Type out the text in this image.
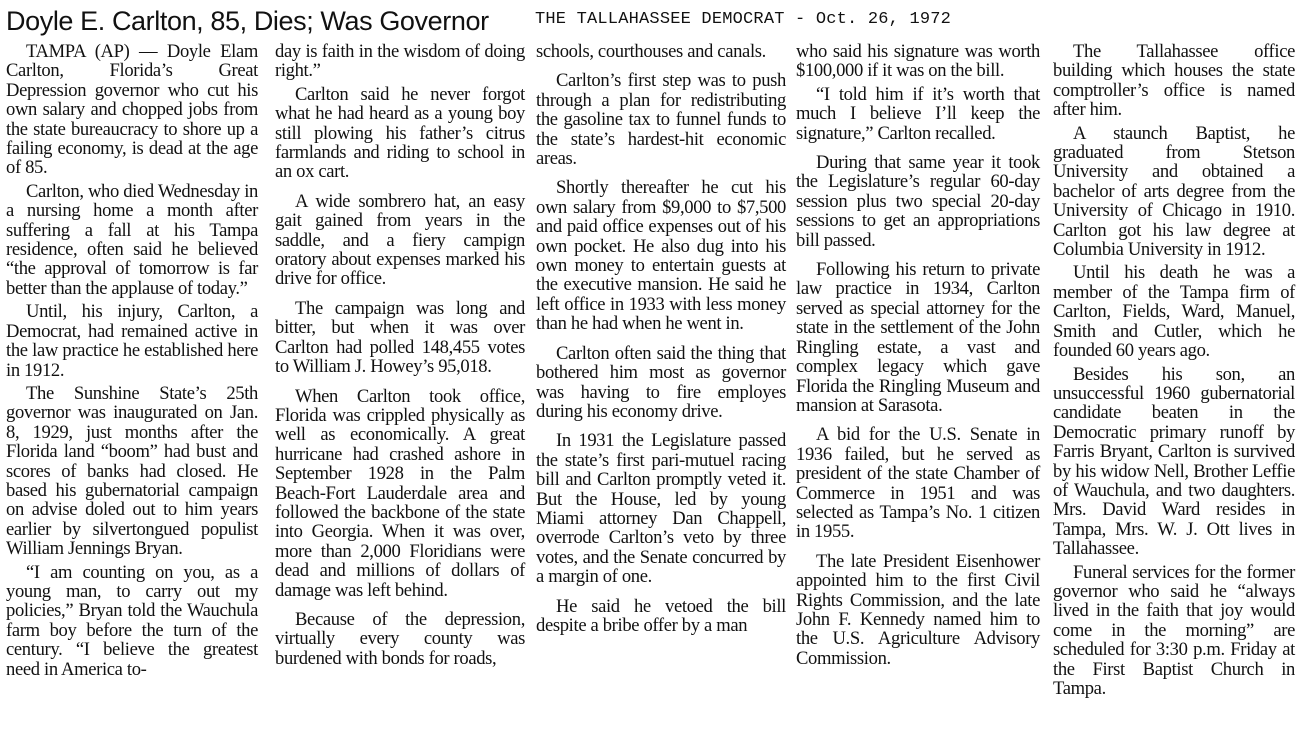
Doyle E. Carlton, 85, Dies; Was Governor	THE TALLAHASSEE DEMOCRAT - Oct. 26, 1972

TAMPA (AP) — Doyle Elam Carlton, Florida’s Great Depression governor who cut his own salary and chopped jobs from the state bureaucracy to shore up a failing economy, is dead at the age of 85.

Carlton, who died Wednesday in a nursing home a month after suffering a fall at his Tampa residence, often said he believed “the approval of tomorrow is far better than the applause of today.”

Until, his injury, Carlton, a Democrat, had remained active in the law practice he established here in 1912.

The Sunshine State’s 25th governor was inaugurated on Jan. 8, 1929, just months after the Florida land “boom” had bust and scores of banks had closed. He based his gubernatorial campaign on advise doled out to him years earlier by silvertongued populist William Jennings Bryan.

“I am counting on you, as a young man, to carry out my policies,” Bryan told the Wauchula farm boy before the turn of the century. “I believe the greatest need in America to-

day is faith in the wisdom of doing right.”

Carlton said he never forgot what he had heard as a young boy still plowing his father’s citrus farmlands and riding to school in an ox cart.

A wide sombrero hat, an easy gait gained from years in the saddle, and a fiery campign oratory about expenses marked his drive for office.

The campaign was long and bitter, but when it was over Carlton had polled 148,455 votes to William J. Howey’s 95,018.

When Carlton took office, Florida was crippled physically as well as economically. A great hurricane had crashed ashore in September 1928 in the Palm Beach-Fort Lauderdale area and followed the backbone of the state into Georgia. When it was over, more than 2,000 Floridians were dead and millions of dollars of damage was left behind.

Because of the depression, virtually every county was burdened with bonds for roads,

schools, courthouses and canals.

Carlton’s first step was to push through a plan for redistributing the gasoline tax to funnel funds to the state’s hardest-hit economic areas.

Shortly thereafter he cut his own salary from $9,000 to $7,500 and paid office expenses out of his own pocket. He also dug into his own money to entertain guests at the executive mansion. He said he left office in 1933 with less money than he had when he went in.

Carlton often said the thing that bothered him most as governor was having to fire employes during his economy drive.

In 1931 the Legislature passed the state’s first pari-mutuel racing bill and Carlton promptly veted it. But the House, led by young Miami attorney Dan Chappell, overrode Carlton’s veto by three votes, and the Senate concurred by a margin of one.

He said he vetoed the bill despite a bribe offer by a man

who said his signature was worth $100,000 if it was on the bill.

“I told him if it’s worth that much I believe I’ll keep the signature,” Carlton recalled.

During that same year it took the Legislature’s regular 60-day session plus two special 20-day sessions to get an appropriations bill passed.

Following his return to private law practice in 1934, Carlton served as special attorney for the state in the settlement of the John Ringling estate, a vast and complex legacy which gave Florida the Ringling Museum and mansion at Sarasota.

A bid for the U.S. Senate in 1936 failed, but he served as president of the state Chamber of Commerce in 1951 and was selected as Tampa’s No. 1 citizen in 1955.

The late President Eisenhower appointed him to the first Civil Rights Commission, and the late John F. Kennedy named him to the U.S. Agriculture Advisory Commission.

The Tallahassee office building which houses the state comptroller’s office is named after him.

A staunch Baptist, he graduated from Stetson University and obtained a bachelor of arts degree from the University of Chicago in 1910. Carlton got his law degree at Columbia University in 1912.

Until his death he was a member of the Tampa firm of Carlton, Fields, Ward, Manuel, Smith and Cutler, which he founded 60 years ago.

Besides his son, an unsuccessful 1960 gubernatorial candidate beaten in the Democratic primary runoff by Farris Bryant, Carlton is survived by his widow Nell, Brother Leffie of Wauchula, and two daughters. Mrs. David Ward resides in Tampa, Mrs. W. J. Ott lives in Tallahassee.

Funeral services for the former governor who said he “always lived in the faith that joy would come in the morning” are scheduled for 3:30 p.m. Friday at the First Baptist Church in Tampa.
